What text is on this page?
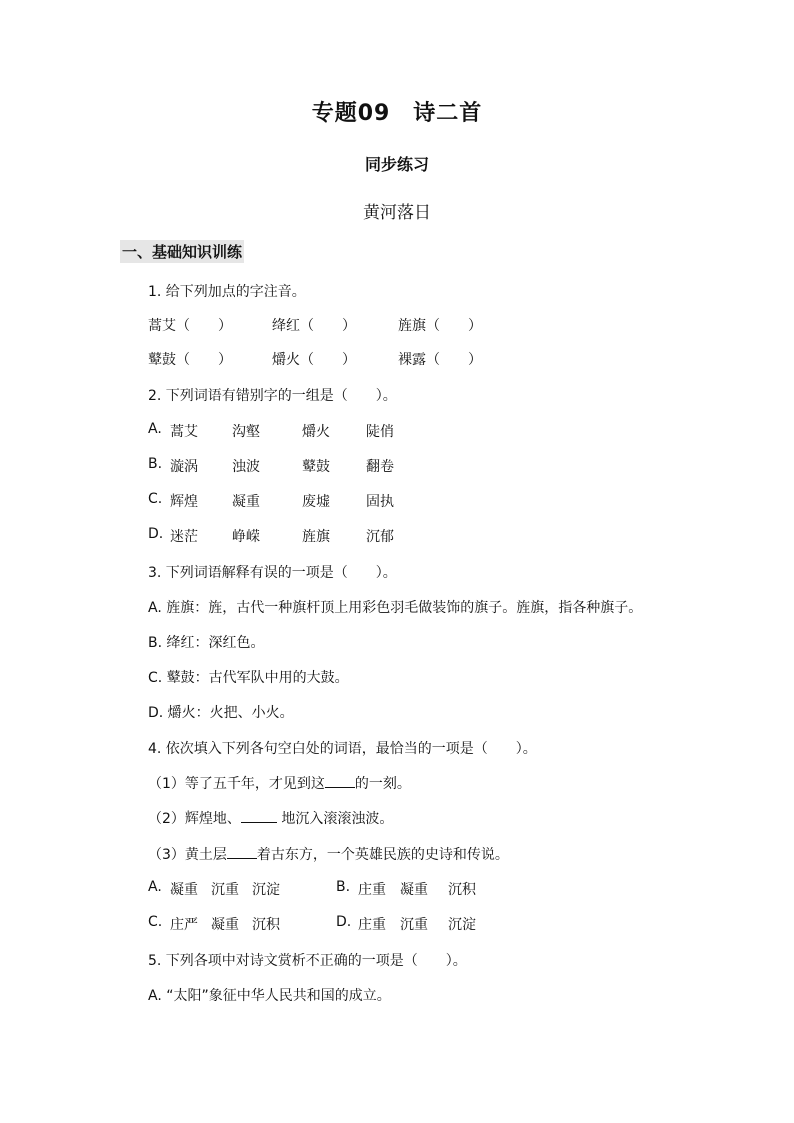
专题09　诗二首
同步练习
黄河落日
一、基础知识训练
1. 给下列加点的字注音。
蒿艾（　　）	绛红（　　）	旌旗（　　）
鼙鼓（　　）	爝火（　　）	裸露（　　）
2. 下列词语有错别字的一组是（　　）。
A. 蒿艾 沟壑	爝火	陡俏
B. 漩涡 浊波	鼙鼓	翻卷
C. 辉煌 凝重	废墟	固执
D. 迷茫 峥嵘	旌旗	沉郁
3. 下列词语解释有误的一项是（　　）。
A. 旌旗：旌，古代一种旗杆顶上用彩色羽毛做装饰的旗子。旌旗，指各种旗子。
B. 绛红：深红色。
C. 鼙鼓：古代军队中用的大鼓。
D. 爝火：火把、小火。
4. 依次填入下列各句空白处的词语，最恰当的一项是（　　）。
（1）等了五千年，才见到这 的一刻。
（2）辉煌地、	地沉入滚滚浊波。
（3）黄土层 着古东方，一个英雄民族的史诗和传说。
A. 凝重 沉重 沉淀	B. 庄重 凝重 沉积
C. 庄严 凝重 沉积	D. 庄重 沉重 沉淀
5. 下列各项中对诗文赏析不正确的一项是（　　）。
A. “太阳”象征中华人民共和国的成立。
